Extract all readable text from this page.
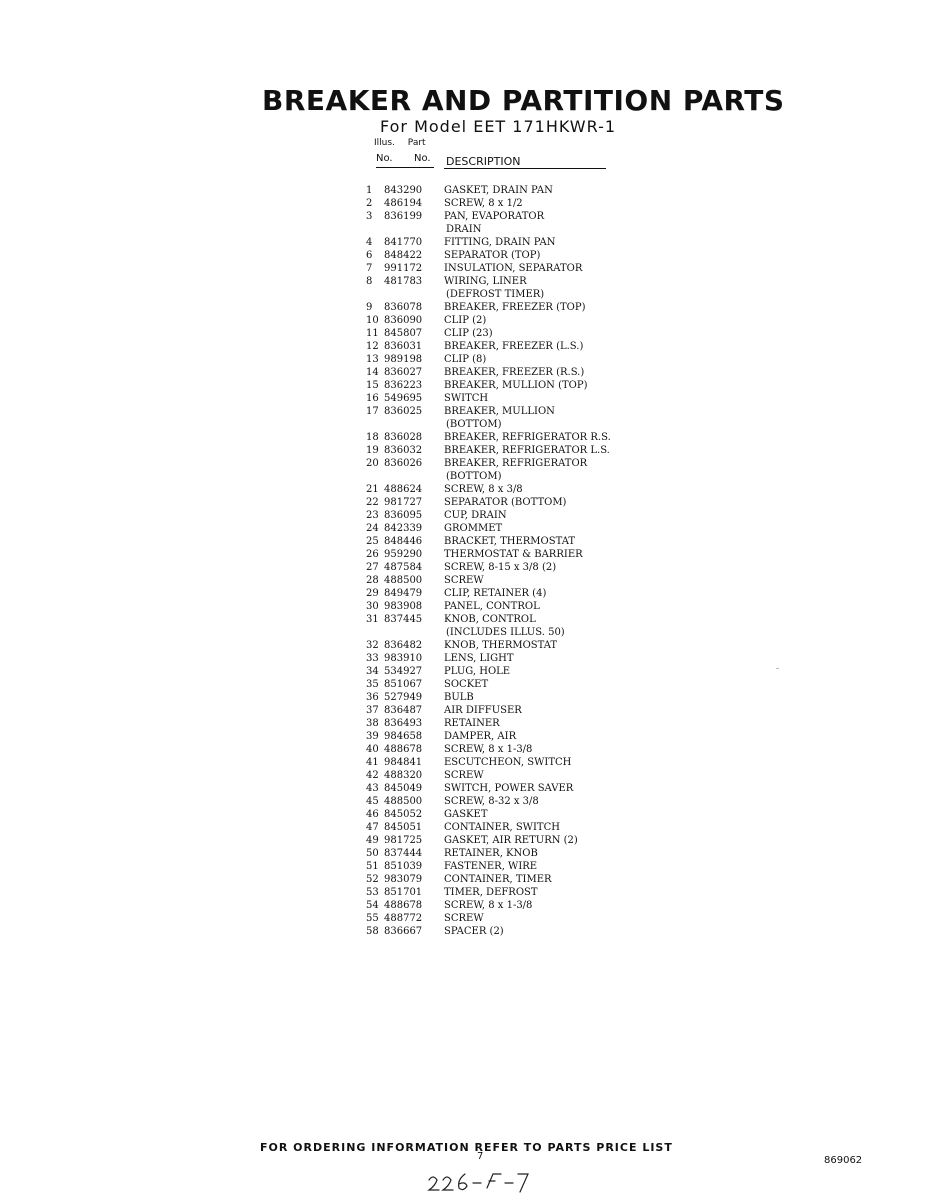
BREAKER AND PARTITION PARTS
For Model EET 171HKWR-1
Illus. Part
No. No. DESCRIPTION
1	843290	GASKET, DRAIN PAN
2	486194	SCREW, 8 x 1/2
3	836199	PAN, EVAPORATOR
DRAIN
4	841770	FITTING, DRAIN PAN
6	848422	SEPARATOR (TOP)
7	991172	INSULATION, SEPARATOR
8	481783	WIRING, LINER
(DEFROST TIMER)
9	836078	BREAKER, FREEZER (TOP)
10 836090	CLIP (2)
11 845807	CLIP (23)
12 836031	BREAKER, FREEZER (L.S.)
13 989198	CLIP (8)
14 836027	BREAKER, FREEZER (R.S.)
15 836223	BREAKER, MULLION (TOP)
16 549695	SWITCH
17 836025	BREAKER, MULLION
(BOTTOM)
18 836028	BREAKER, REFRIGERATOR R.S.
19 836032	BREAKER, REFRIGERATOR L.S.
20 836026	BREAKER, REFRIGERATOR
(BOTTOM)
21 488624	SCREW, 8 x 3/8
22 981727	SEPARATOR (BOTTOM)
23 836095	CUP, DRAIN
24 842339	GROMMET
25 848446	BRACKET, THERMOSTAT
26 959290	THERMOSTAT & BARRIER
27 487584	SCREW, 8-15 x 3/8 (2)
28 488500	SCREW
29 849479	CLIP, RETAINER (4)
30 983908	PANEL, CONTROL
31 837445	KNOB, CONTROL
(INCLUDES ILLUS. 50)
32 836482	KNOB, THERMOSTAT
33 983910	LENS, LIGHT
34 534927	PLUG, HOLE
35 851067	SOCKET
36 527949	BULB
37 836487	AIR DIFFUSER
38 836493	RETAINER
39 984658	DAMPER, AIR
40 488678	SCREW, 8 x 1-3/8
41 984841	ESCUTCHEON, SWITCH
42 488320	SCREW
43 845049	SWITCH, POWER SAVER
45 488500	SCREW, 8-32 x 3/8
46 845052	GASKET
47 845051	CONTAINER, SWITCH
49 981725	GASKET, AIR RETURN (2)
50 837444	RETAINER, KNOB
51 851039	FASTENER, WIRE
52 983079	CONTAINER, TIMER
53 851701	TIMER, DEFROST
54 488678	SCREW, 8 x 1-3/8
55 488772	SCREW
58 836667	SPACER (2)
FOR ORDERING INFORMATION REFER TO PARTS PRICE LIST
7	869062
